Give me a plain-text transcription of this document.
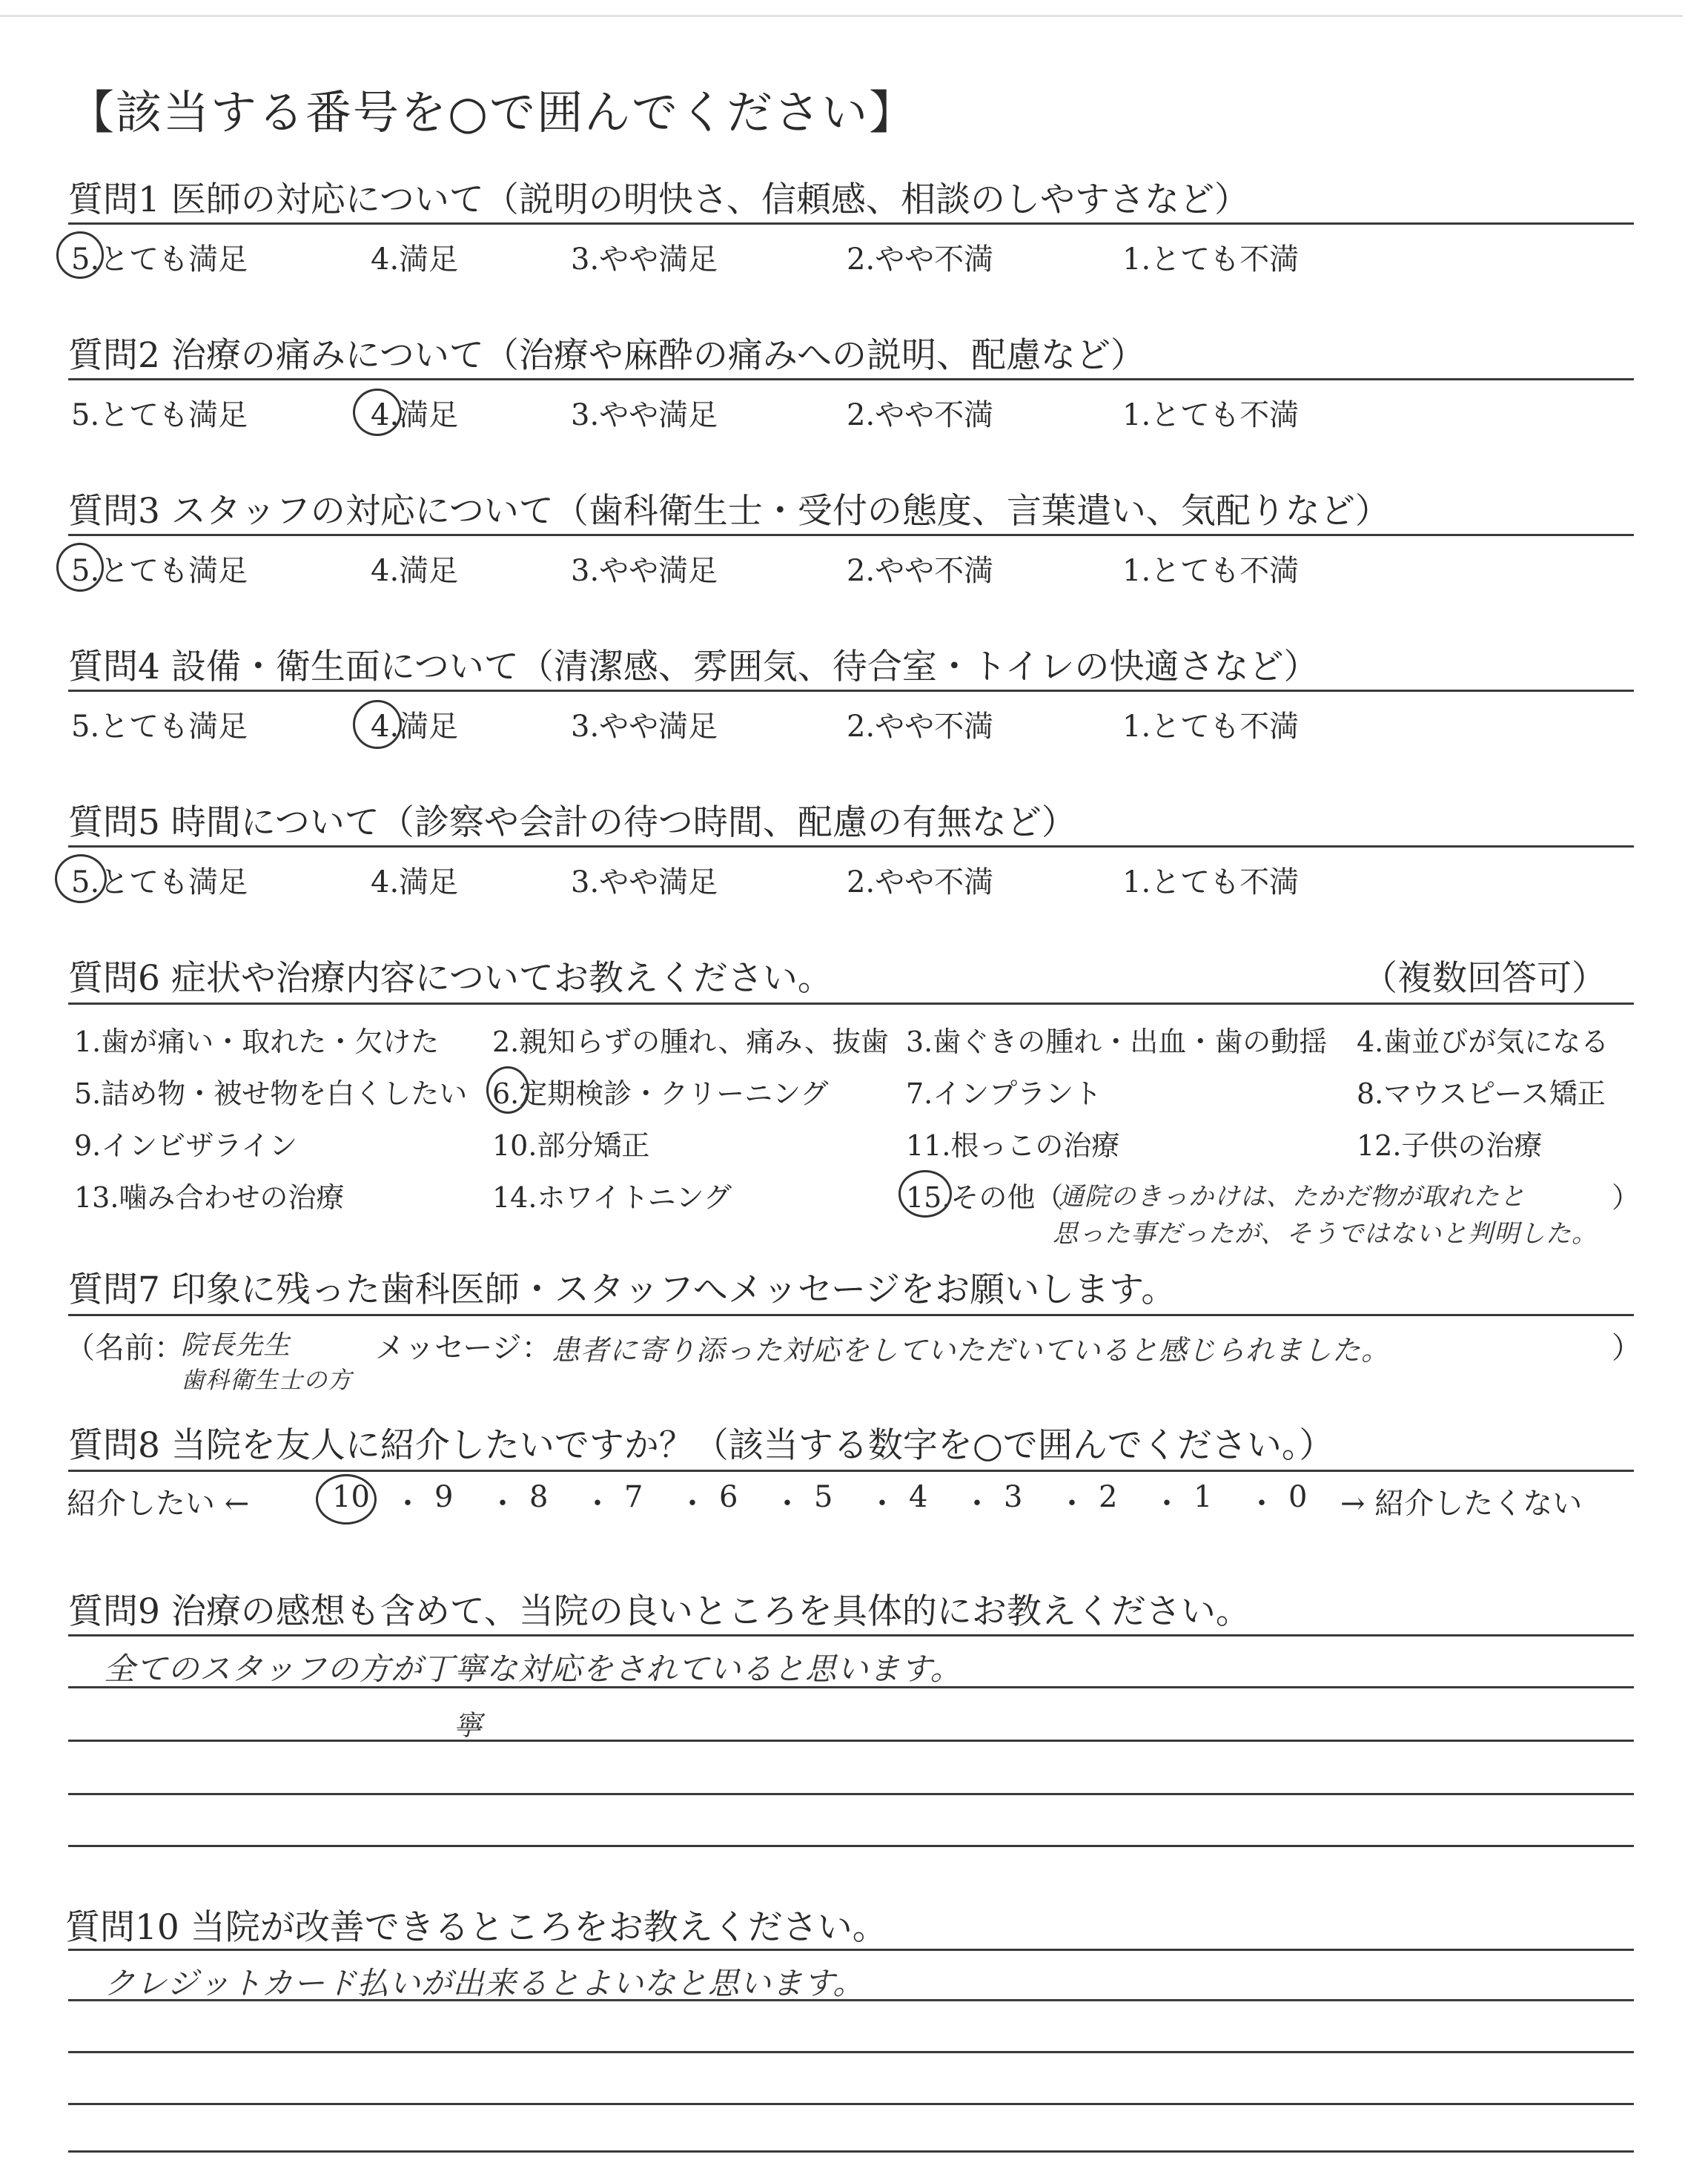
【該当する番号を○で囲んでください】
質問1 医師の対応について（説明の明快さ、信頼感、相談のしやすさなど）
5.とても満足	4.満足	3.やや満足	2.やや不満	1.とても不満
質問2 治療の痛みについて（治療や麻酔の痛みへの説明、配慮など）
5.とても満足	4.満足	3.やや満足	2.やや不満	1.とても不満
質問3 スタッフの対応について（歯科衛生士・受付の態度、言葉遣い、気配りなど）
5.とても満足	4.満足	3.やや満足	2.やや不満	1.とても不満
質問4 設備・衛生面について（清潔感、雰囲気、待合室・トイレの快適さなど）
5.とても満足	4.満足	3.やや満足	2.やや不満	1.とても不満
質問5 時間について（診察や会計の待つ時間、配慮の有無など）
5.とても満足	4.満足	3.やや満足	2.やや不満	1.とても不満
質問6 症状や治療内容についてお教えください。	（複数回答可）
1.歯が痛い・取れた・欠けた 2.親知らずの腫れ、痛み、抜歯 3.歯ぐきの腫れ・出血・歯の動揺 4.歯並びが気になる
5.詰め物・被せ物を白くしたい 6.定期検診・クリーニング	7.インプラント	8.マウスピース矯正
9.インビザライン	10.部分矯正	11.根っこの治療	12.子供の治療
13.噛み合わせの治療	14.ホワイトニング	15.その他（	）
通院のきっかけは、たかだ物が取れたと
思った事だったが、そうではないと判明した。
質問7 印象に残った歯科医師・スタッフへメッセージをお願いします。
（名前：
院長先生
歯科衛生士の方
メッセージ： 患者に寄り添った対応をしていただいていると感じられました。	）
質問8 当院を友人に紹介したいですか？（該当する数字を○で囲んでください。）
紹介したい ←	10 9	8	7	6	5	4	3	2	1	0
・ ・ ・ ・ ・ ・ ・ ・ ・ ・ → 紹介したくない
質問9 治療の感想も含めて、当院の良いところを具体的にお教えください。
全てのスタッフの方が丁寧な対応をされていると思います。
寧
質問10 当院が改善できるところをお教えください。
クレジットカード払いが出来るとよいなと思います。
